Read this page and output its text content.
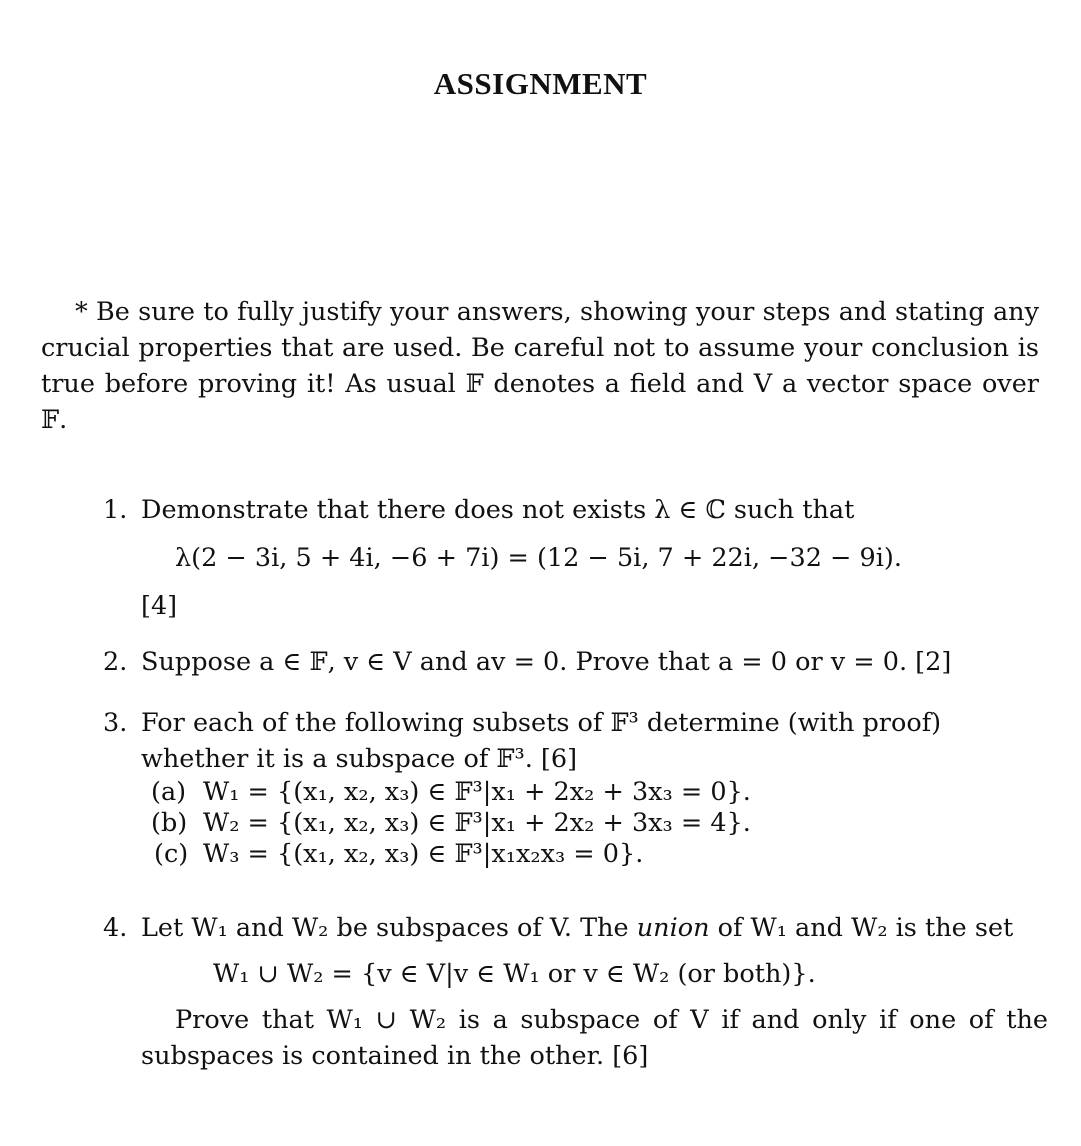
ASSIGNMENT

* Be sure to fully justify your answers, showing your steps and stating any crucial properties that are used. Be careful not to assume your conclusion is true before proving it! As usual 𝔽 denotes a field and V a vector space over 𝔽.

1. Demonstrate that there does not exists λ ∈ ℂ such that
λ(2 − 3i, 5 + 4i, −6 + 7i) = (12 − 5i, 7 + 22i, −32 − 9i).
[4]
2. Suppose a ∈ 𝔽, v ∈ V and av = 0. Prove that a = 0 or v = 0. [2]
3. For each of the following subsets of 𝔽³ determine (with proof) whether it is a subspace of 𝔽³. [6]
(a) W₁ = {(x₁, x₂, x₃) ∈ 𝔽³|x₁ + 2x₂ + 3x₃ = 0}.
(b) W₂ = {(x₁, x₂, x₃) ∈ 𝔽³|x₁ + 2x₂ + 3x₃ = 4}.
(c) W₃ = {(x₁, x₂, x₃) ∈ 𝔽³|x₁x₂x₃ = 0}.
4. Let W₁ and W₂ be subspaces of V. The union of W₁ and W₂ is the set
W₁ ∪ W₂ = {v ∈ V|v ∈ W₁ or v ∈ W₂ (or both)}.
Prove that W₁ ∪ W₂ is a subspace of V if and only if one of the subspaces is contained in the other. [6]
